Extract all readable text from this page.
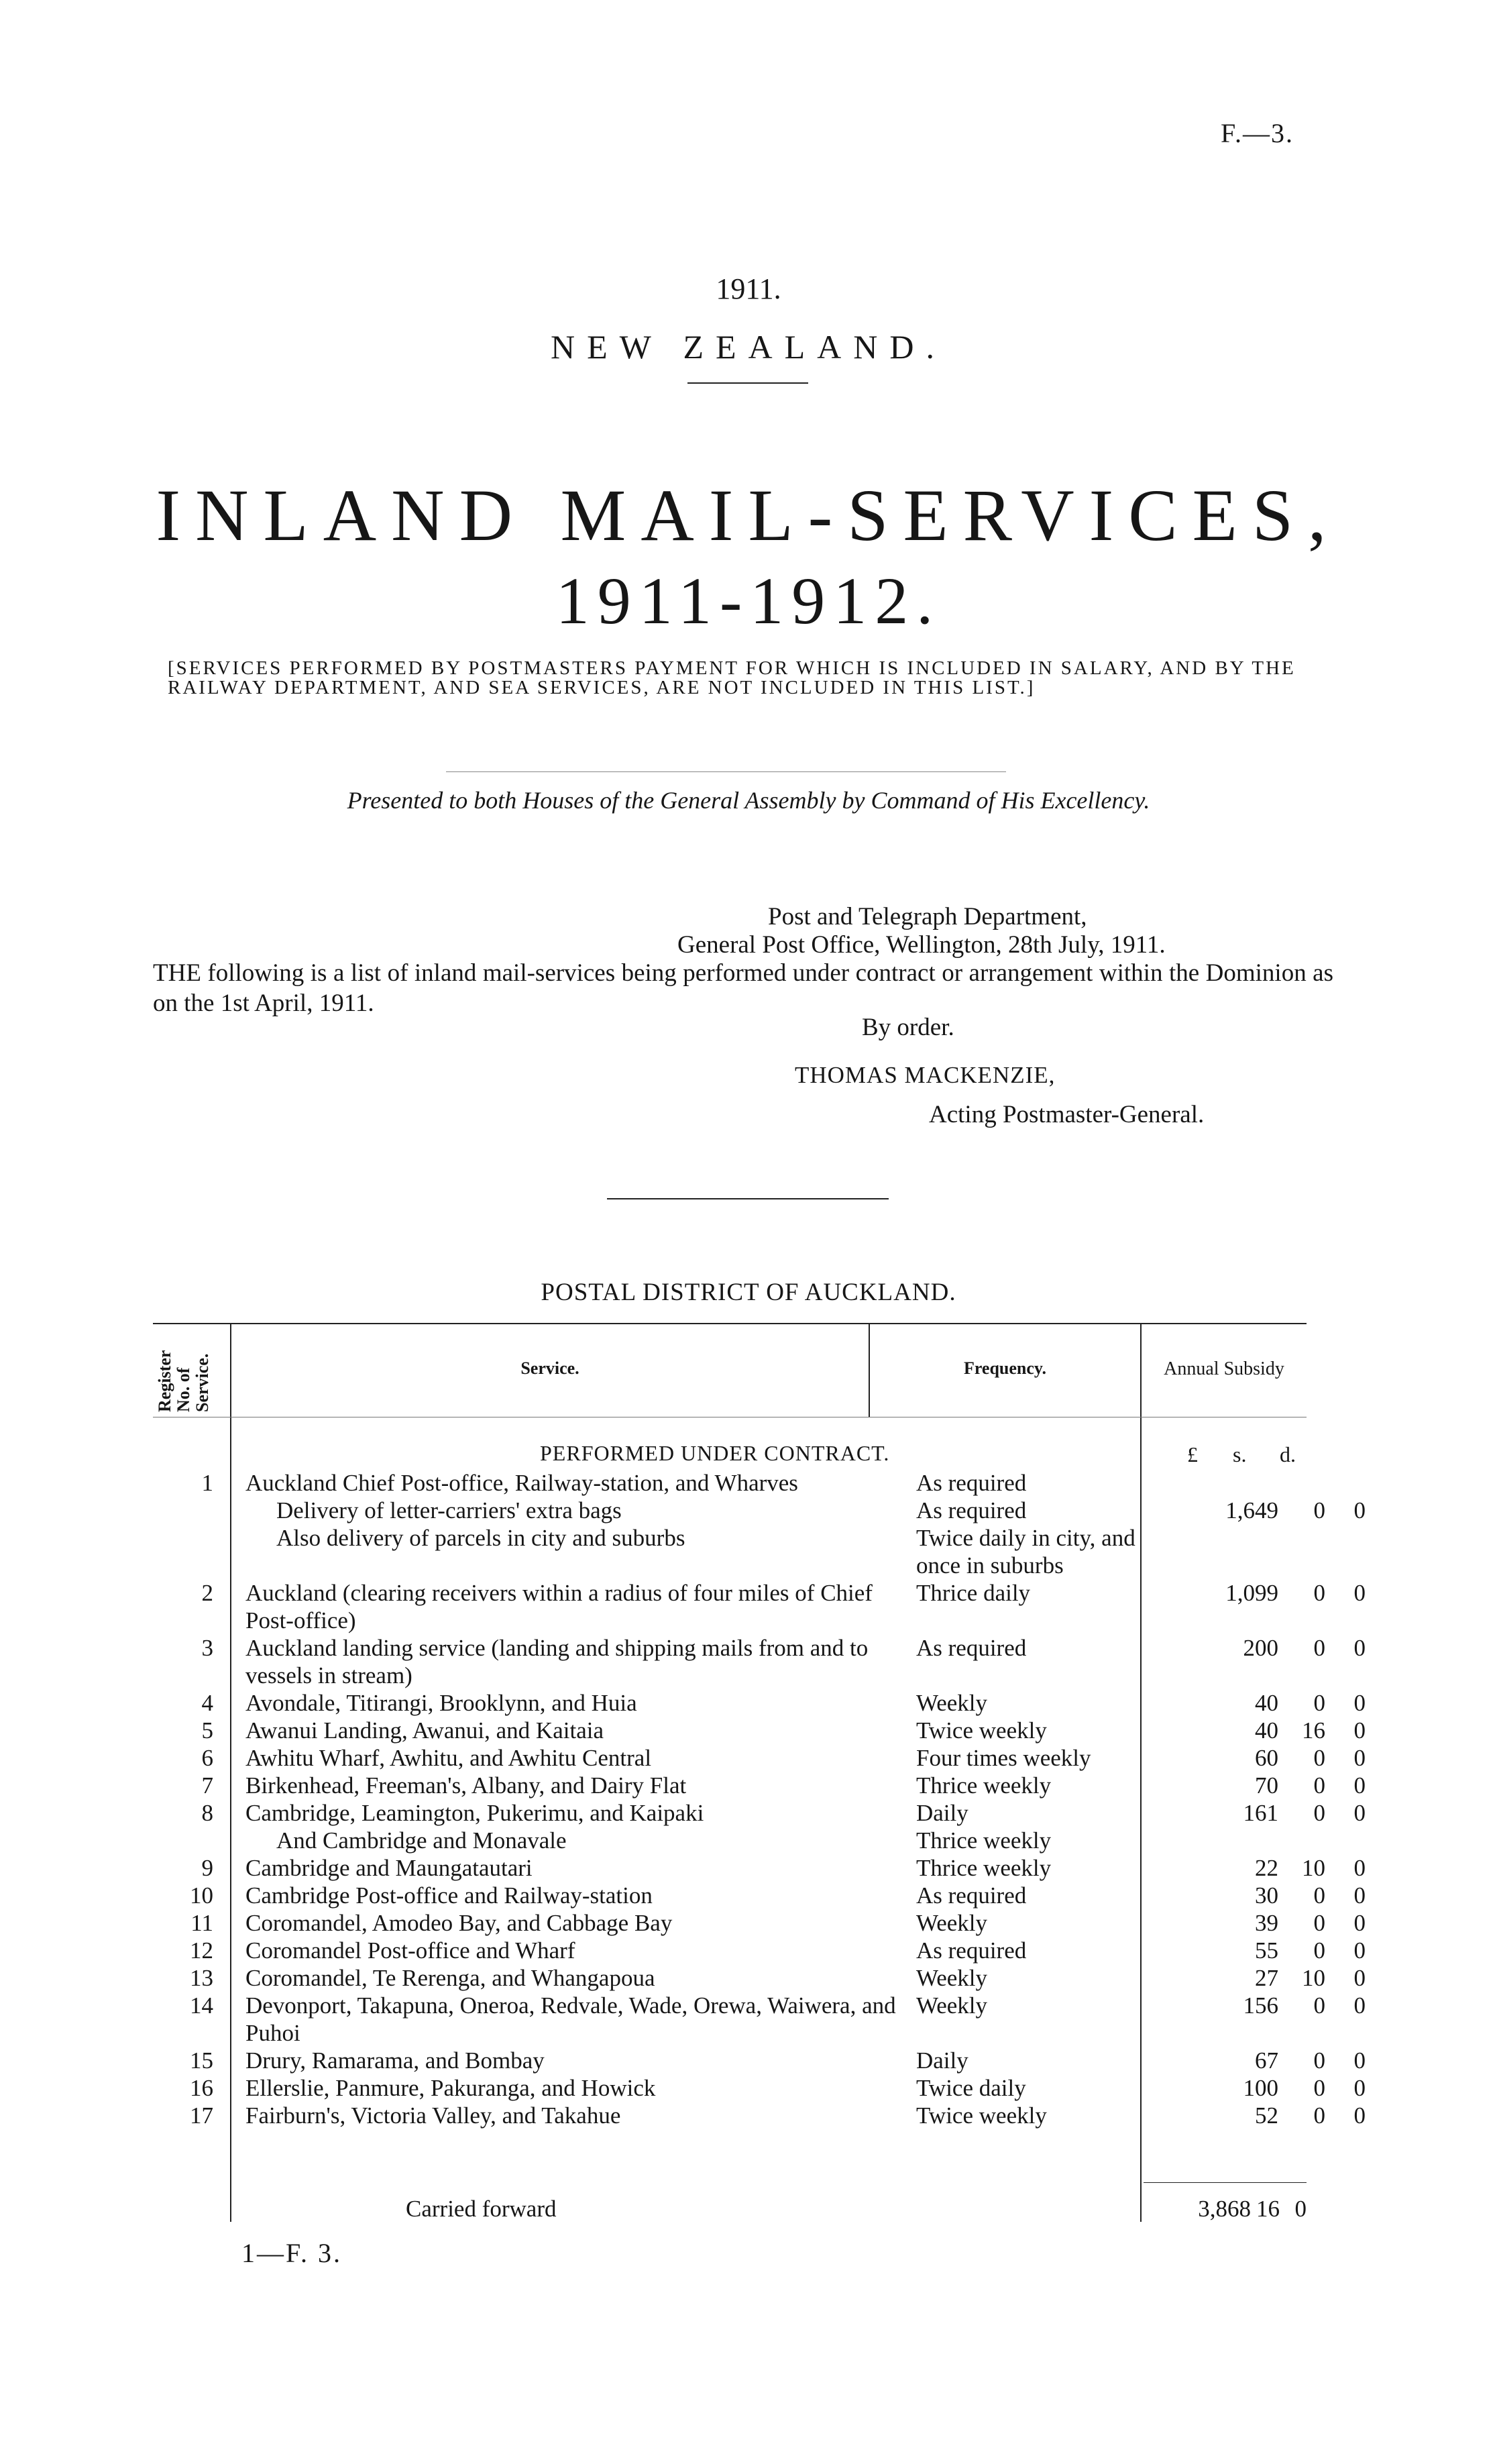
F.—3.
1911.
NEW ZEALAND.
INLAND MAIL-SERVICES,
1911-1912.
[SERVICES PERFORMED BY POSTMASTERS PAYMENT FOR WHICH IS INCLUDED IN SALARY, AND BY THE RAILWAY DEPARTMENT, AND SEA SERVICES, ARE NOT INCLUDED IN THIS LIST.]
Presented to both Houses of the General Assembly by Command of His Excellency.
Post and Telegraph Department,
General Post Office, Wellington, 28th July, 1911.
THE following is a list of inland mail-services being performed under contract or arrangement within the Dominion as on the 1st April, 1911.
By order.
THOMAS MACKENZIE,
Acting Postmaster-General.
POSTAL DISTRICT OF AUCKLAND.
Register No. of Service.	Service.	Frequency.	Annual Subsidy
PERFORMED UNDER CONTRACT.	£ s. d.
1	Auckland Chief Post-office, Railway-station, and Wharves	As required			

	Delivery of letter-carriers' extra bags	As required	1,649	0	0

	Also delivery of parcels in city and suburbs	Twice daily in city, and once in suburbs			
2	Auckland (clearing receivers within a radius of four miles of Chief Post-office)	Thrice daily	1,099	0	0
3	Auckland landing service (landing and shipping mails from and to vessels in stream)	As required	200	0	0
4	Avondale, Titirangi, Brooklynn, and Huia	Weekly	40	0	0
5	Awanui Landing, Awanui, and Kaitaia	Twice weekly	40	16	0
6	Awhitu Wharf, Awhitu, and Awhitu Central	Four times weekly	60	0	0
7	Birkenhead, Freeman's, Albany, and Dairy Flat	Thrice weekly	70	0	0
8	Cambridge, Leamington, Pukerimu, and Kaipaki	Daily	161	0	0

	And Cambridge and Monavale	Thrice weekly			
9	Cambridge and Maungatautari	Thrice weekly	22	10	0
10	Cambridge Post-office and Railway-station	As required	30	0	0
11	Coromandel, Amodeo Bay, and Cabbage Bay	Weekly	39	0	0
12	Coromandel Post-office and Wharf	As required	55	0	0
13	Coromandel, Te Rerenga, and Whangapoua	Weekly	27	10	0
14	Devonport, Takapuna, Oneroa, Redvale, Wade, Orewa, Waiwera, and Puhoi	Weekly	156	0	0
15	Drury, Ramarama, and Bombay	Daily	67	0	0
16	Ellerslie, Panmure, Pakuranga, and Howick	Twice daily	100	0	0
17	Fairburn's, Victoria Valley, and Takahue	Twice weekly	52	0	0
Carried forward	3,868 16 0
1—F. 3.
